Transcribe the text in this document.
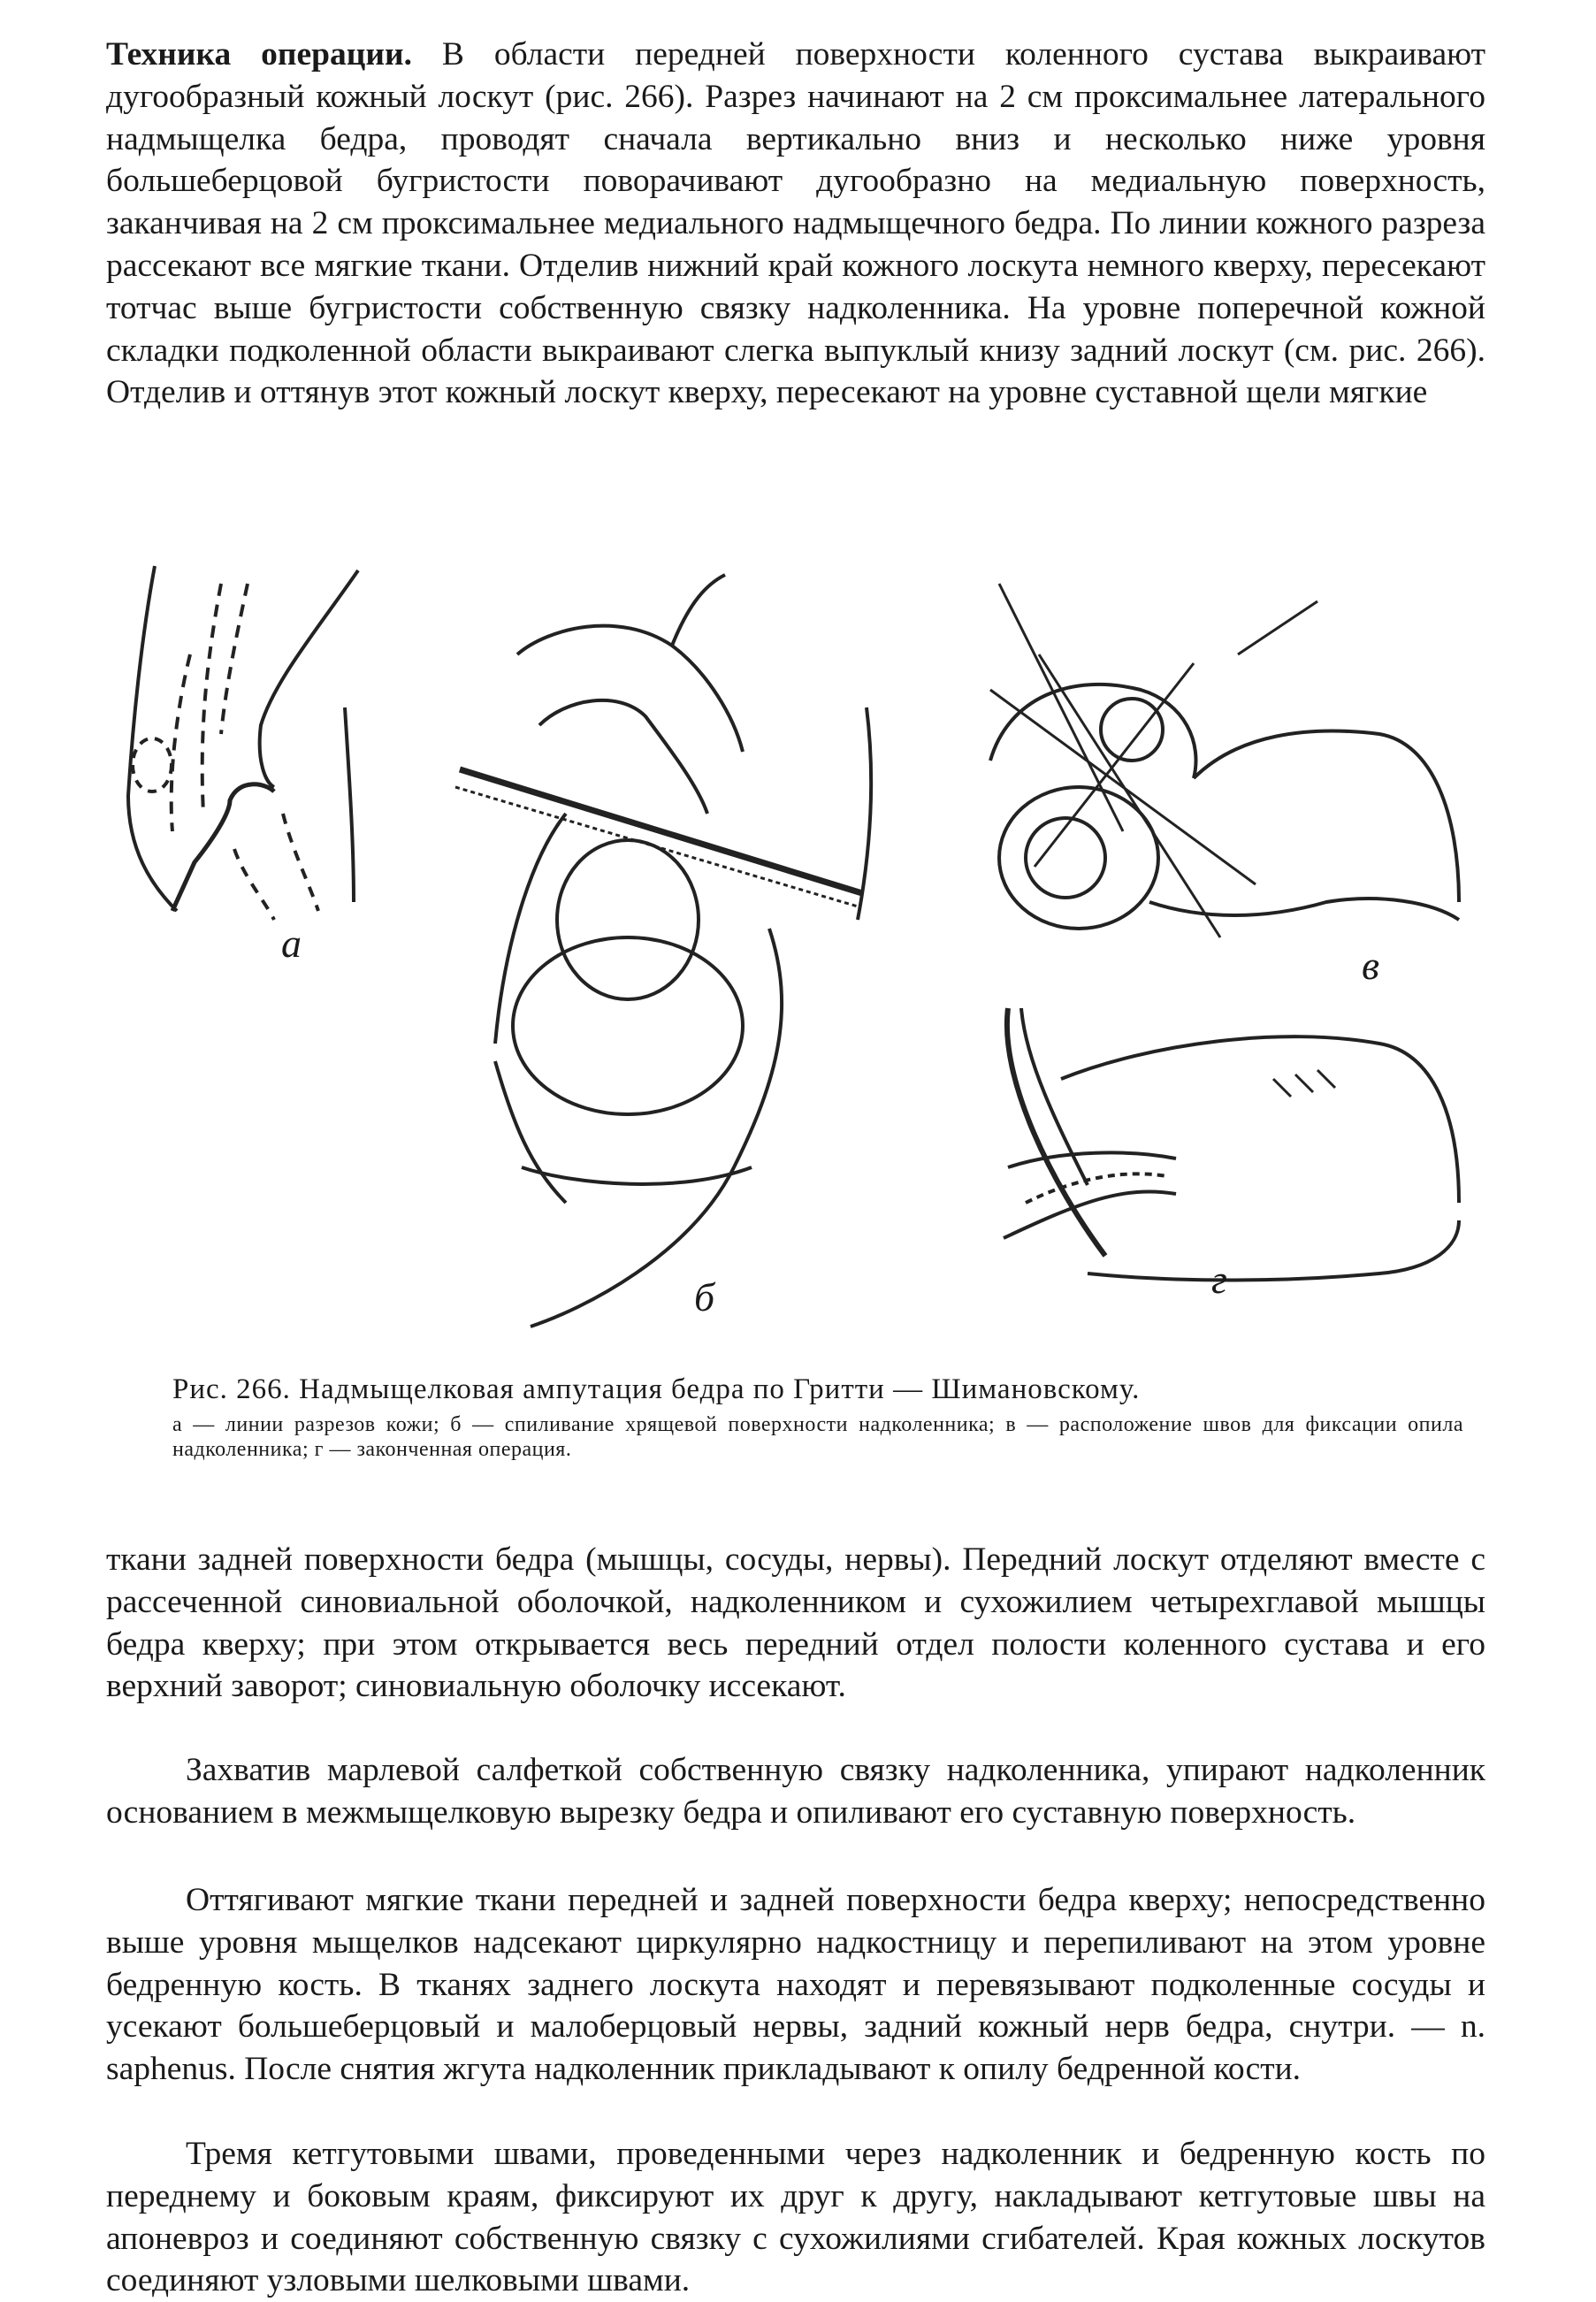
Техника операции. В области передней поверхности коленного сустава выкраивают дугообразный кожный лоскут (рис. 266). Разрез начинают на 2 см проксимальнее латерального надмыщелка бедра, проводят сначала вертикально вниз и несколько ниже уровня большеберцовой бугристости поворачивают дугообразно на медиальную поверхность, заканчивая на 2 см проксимальнее медиального надмыщечного бедра. По линии кожного разреза рассекают все мягкие ткани. Отделив нижний край кожного лоскута немного кверху, пересекают тотчас выше бугристости собственную связку надколенника. На уровне поперечной кожной складки подколенной области выкраивают слегка выпуклый книзу задний лоскут (см. рис. 266). Отделив и оттянув этот кожный лоскут кверху, пересекают на уровне суставной щели мягкие

а
б
в
г
Рис. 266. Надмыщелковая ампутация бедра по Гритти — Шимановскому.
а — линии разрезов кожи; б — спиливание хрящевой поверхности надколенника; в — расположение швов для фиксации опила надколенника; г — законченная операция.

ткани задней поверхности бедра (мышцы, сосуды, нервы). Передний лоскут отделяют вместе с рассеченной синовиальной оболочкой, надколенником и сухожилием четырехглавой мышцы бедра кверху; при этом открывается весь передний отдел полости коленного сустава и его верхний заворот; синовиальную оболочку иссекают.

Захватив марлевой салфеткой собственную связку надколенника, упирают надколенник основанием в межмыщелковую вырезку бедра и опиливают его суставную поверхность.

Оттягивают мягкие ткани передней и задней поверхности бедра кверху; непосредственно выше уровня мыщелков надсекают циркулярно надкостницу и перепиливают на этом уровне бедренную кость. В тканях заднего лоскута находят и перевязывают подколенные сосуды и усекают большеберцовый и малоберцовый нервы, задний кожный нерв бедра, снутри. — n. saphenus. После снятия жгута надколенник прикладывают к опилу бедренной кости.

Тремя кетгутовыми швами, проведенными через надколенник и бедренную кость по переднему и боковым краям, фиксируют их друг к другу, накладывают кетгутовые швы на апоневроз и соединяют собственную связку с сухожилиями сгибателей. Края кожных лоскутов соединяют узловыми шелковыми швами.
